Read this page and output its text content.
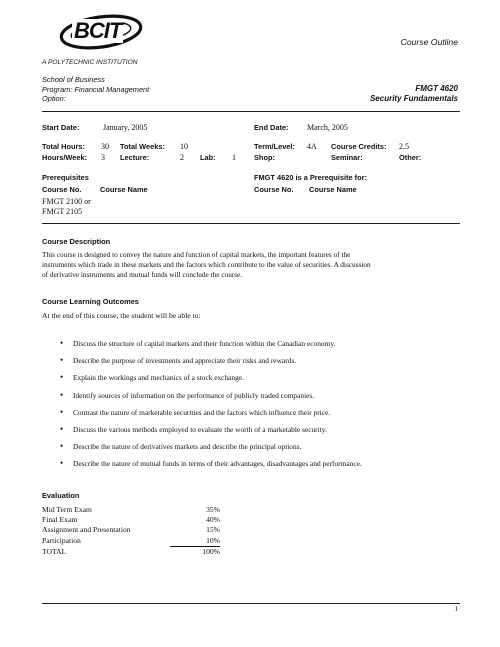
BCIT
A POLYTECHNIC INSTITUTION
Course Outline
School of Business
Program: Financial Management
Option:
FMGT 4620
Security Fundamentals
Start Date:	January, 2005	End Date: March, 2005
Total Hours: 30 Total Weeks: 10	Term/Level: 4A Course Credits: 2.5
Hours/Week: 3 Lecture:	2 Lab: 1 Shop:	Seminar:	Other:
Prerequisites
Course No.	Course Name
FMGT 2100 or
FMGT 2105
FMGT 4620 is a Prerequisite for:
Course No. Course Name
Course Description
This course is designed to convey the nature and function of capital markets, the important features of the
instruments which trade in these markets and the factors which contribute to the value of securities. A discussion
of derivative instruments and mutual funds will conclude the course.
Course Learning Outcomes
At the end of this course, the student will be able to:
• Discuss the structure of capital markets and their function within the Canadian economy.
• Describe the purpose of investments and appreciate their risks and rewards.
• Explain the workings and mechanics of a stock exchange.
• Identify sources of information on the performance of publicly traded companies.
• Contrast the nature of marketable securities and the factors which influence their price.
• Discuss the various methods employed to evaluate the worth of a marketable security.
• Describe the nature of derivatives markets and describe the principal options.
• Describe the nature of mutual funds in terms of their advantages, disadvantages and performance.
Evaluation
Mid Term Exam	35%
Final Exam	40%
Assignment and Presentation	15%
Participation	10%
TOTAL	100%
1
